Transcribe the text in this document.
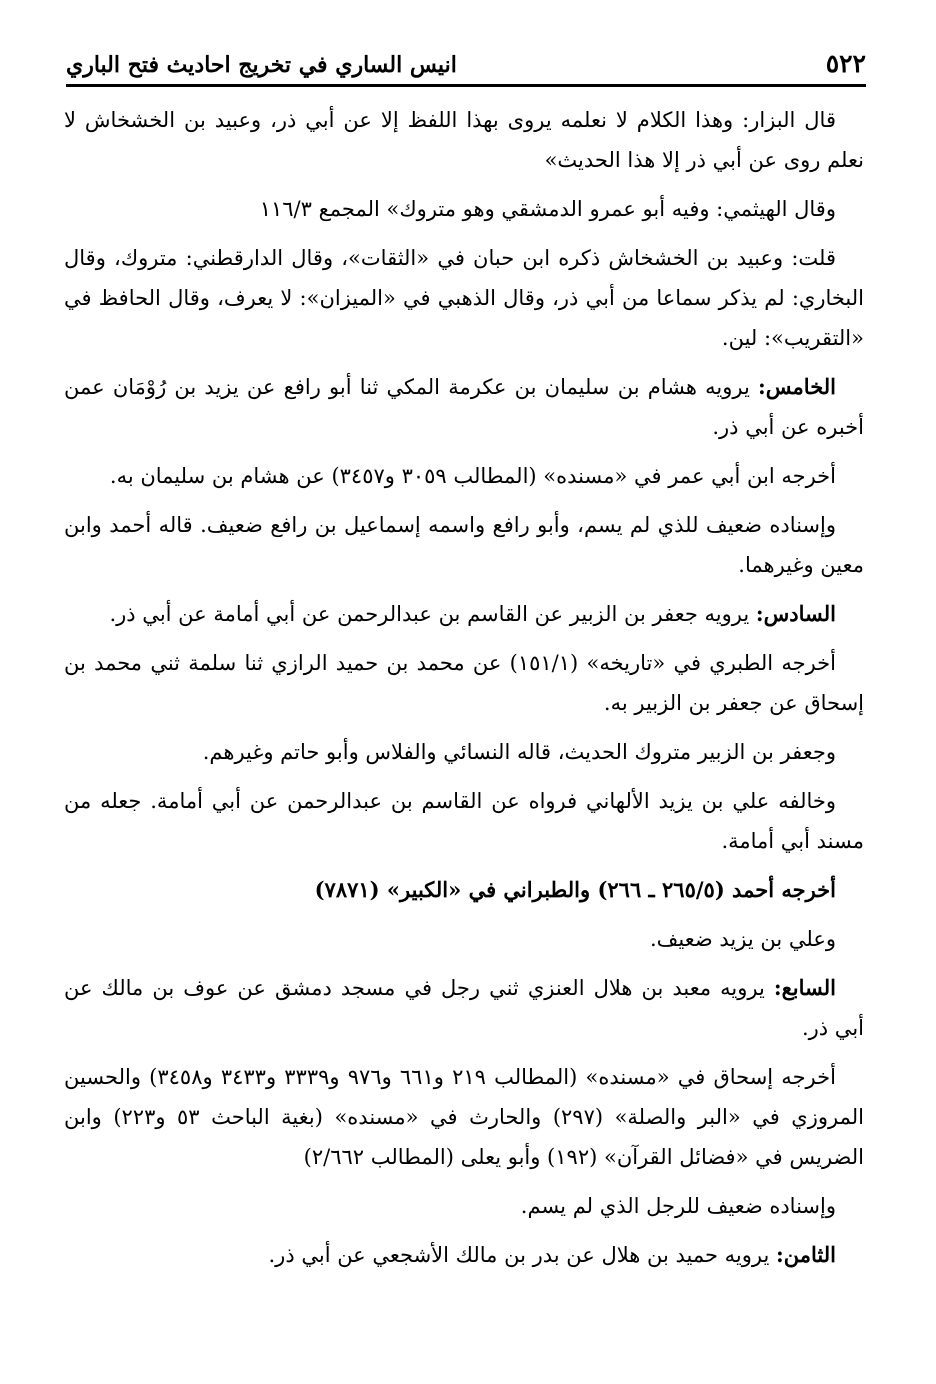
٥٢٢
انيس الساري في تخريج احاديث فتح الباري

قال البزار: وهذا الكلام لا نعلمه يروى بهذا اللفظ إلا عن أبي ذر، وعبيد بن الخشخاش لا نعلم روى عن أبي ذر إلا هذا الحديث»

وقال الهيثمي: وفيه أبو عمرو الدمشقي وهو متروك» المجمع ١١٦/٣

قلت: وعبيد بن الخشخاش ذكره ابن حبان في «الثقات»، وقال الدارقطني: متروك، وقال البخاري: لم يذكر سماعا من أبي ذر، وقال الذهبي في «الميزان»: لا يعرف، وقال الحافظ في «التقريب»: لين.

الخامس: يرويه هشام بن سليمان بن عكرمة المكي ثنا أبو رافع عن يزيد بن رُوْمَان عمن أخبره عن أبي ذر.

أخرجه ابن أبي عمر في «مسنده» (المطالب ٣٠٥٩ و٣٤٥٧) عن هشام بن سليمان به.

وإسناده ضعيف للذي لم يسم، وأبو رافع واسمه إسماعيل بن رافع ضعيف. قاله أحمد وابن معين وغيرهما.

السادس: يرويه جعفر بن الزبير عن القاسم بن عبدالرحمن عن أبي أمامة عن أبي ذر.

أخرجه الطبري في «تاريخه» (١٥١/١) عن محمد بن حميد الرازي ثنا سلمة ثني محمد بن إسحاق عن جعفر بن الزبير به.

وجعفر بن الزبير متروك الحديث، قاله النسائي والفلاس وأبو حاتم وغيرهم.

وخالفه علي بن يزيد الألهاني فرواه عن القاسم بن عبدالرحمن عن أبي أمامة. جعله من مسند أبي أمامة.

أخرجه أحمد (٢٦٥/٥ ـ ٢٦٦) والطبراني في «الكبير» (٧٨٧١)

وعلي بن يزيد ضعيف.

السابع: يرويه معبد بن هلال العنزي ثني رجل في مسجد دمشق عن عوف بن مالك عن أبي ذر.

أخرجه إسحاق في «مسنده» (المطالب ٢١٩ و٦٦١ و٩٧٦ و٣٣٣٩ و٣٤٣٣ و٣٤٥٨) والحسين المروزي في «البر والصلة» (٢٩٧) والحارث في «مسنده» (بغية الباحث ٥٣ و٢٢٣) وابن الضريس في «فضائل القرآن» (١٩٢) وأبو يعلى (المطالب ٢/٦٦٢)

وإسناده ضعيف للرجل الذي لم يسم.

الثامن: يرويه حميد بن هلال عن بدر بن مالك الأشجعي عن أبي ذر.
